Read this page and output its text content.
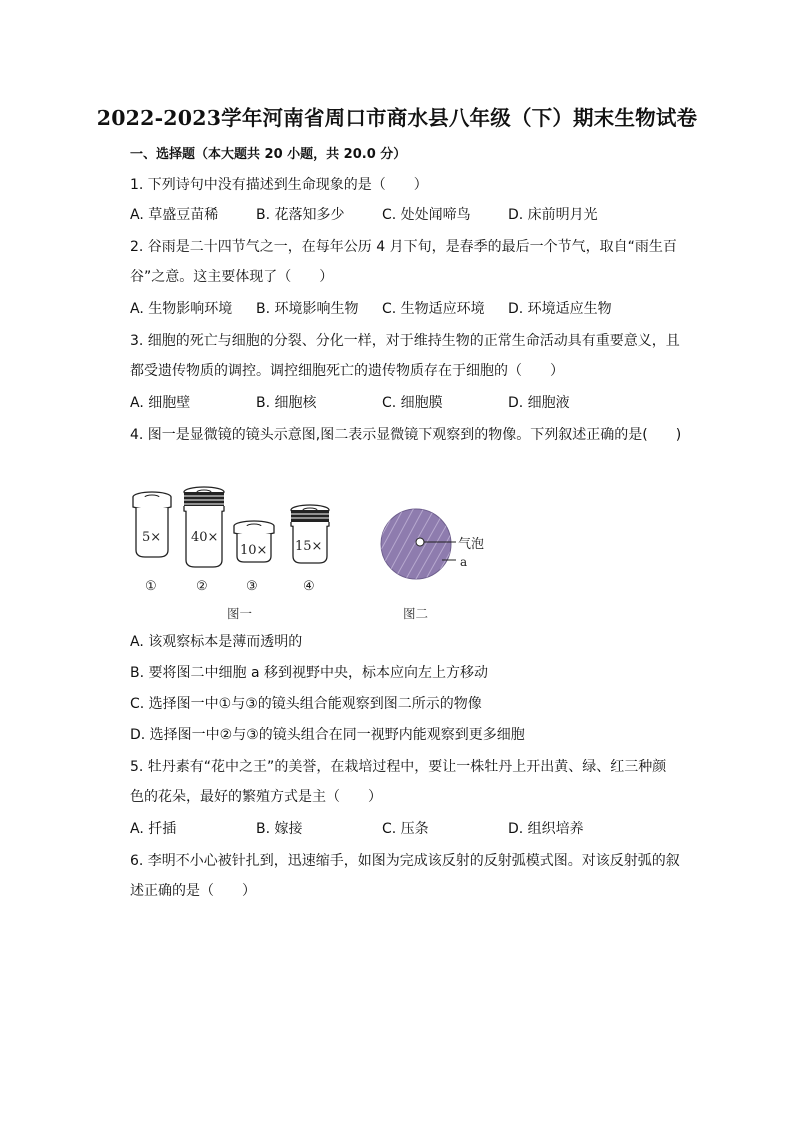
2022-2023学年河南省周口市商水县八年级（下）期末生物试卷
一、选择题（本大题共 20 小题，共 20.0 分）
1. 下列诗句中没有描述到生命现象的是（　　）
A. 草盛豆苗稀	B. 花落知多少	C. 处处闻啼鸟	D. 床前明月光
2. 谷雨是二十四节气之一，在每年公历 4 月下旬，是春季的最后一个节气，取自“雨生百
谷”之意。这主要体现了（　　）
A. 生物影响环境 B. 环境影响生物 C. 生物适应环境 D. 环境适应生物
3. 细胞的死亡与细胞的分裂、分化一样，对于维持生物的正常生命活动具有重要意义，且
都受遗传物质的调控。调控细胞死亡的遗传物质存在于细胞的（　　）
A. 细胞壁	B. 细胞核	C. 细胞膜	D. 细胞液
4. 图一是显微镜的镜头示意图,图二表示显微镜下观察到的物像。下列叙述正确的是(　　)
5× 40×
10× 15×
①	②	③	④
图一
气泡
a
图二
A. 该观察标本是薄而透明的
B. 要将图二中细胞 a 移到视野中央，标本应向左上方移动
C. 选择图一中①与③的镜头组合能观察到图二所示的物像
D. 选择图一中②与③的镜头组合在同一视野内能观察到更多细胞
5. 牡丹素有“花中之王”的美誉，在栽培过程中，要让一株牡丹上开出黄、绿、红三种颜
色的花朵，最好的繁殖方式是主（　　）
A. 扦插	B. 嫁接	C. 压条	D. 组织培养
6. 李明不小心被针扎到，迅速缩手，如图为完成该反射的反射弧模式图。对该反射弧的叙
述正确的是（　　）
